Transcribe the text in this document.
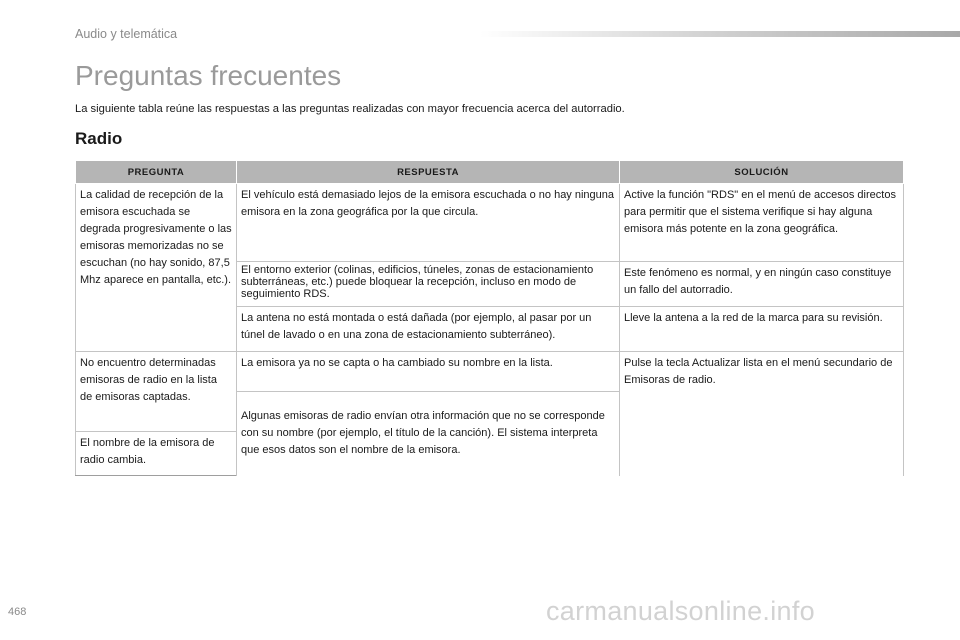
Audio y telemática
Preguntas frecuentes
La siguiente tabla reúne las respuestas a las preguntas realizadas con mayor frecuencia acerca del autorradio.
Radio
PREGUNTA	RESPUESTA	SOLUCIÓN
La calidad de recepción de la emisora escuchada se degrada progresivamente o las emisoras memorizadas no se escuchan (no hay sonido, 87,5 Mhz aparece en pantalla, etc.).	El vehículo está demasiado lejos de la emisora escuchada o no hay ninguna emisora en la zona geográfica por la que circula.	Active la función "RDS" en el menú de accesos directos para permitir que el sistema verifique si hay alguna emisora más potente en la zona geográfica.
	El entorno exterior (colinas, edificios, túneles, zonas de estacionamiento subterráneas, etc.) puede bloquear la recepción, incluso en modo de seguimiento RDS.	Este fenómeno es normal, y en ningún caso constituye un fallo del autorradio.
	La antena no está montada o está dañada (por ejemplo, al pasar por un túnel de lavado o en una zona de estacionamiento subterráneo).	Lleve la antena a la red de la marca para su revisión.
No encuentro determinadas emisoras de radio en la lista de emisoras captadas.	La emisora ya no se capta o ha cambiado su nombre en la lista.	Pulse la tecla Actualizar lista en el menú secundario de Emisoras de radio.
	Algunas emisoras de radio envían otra información que no se corresponde con su nombre (por ejemplo, el título de la canción). El sistema interpreta que esos datos son el nombre de la emisora.	
El nombre de la emisora de radio cambia.		
468	carmanualsonline.info
